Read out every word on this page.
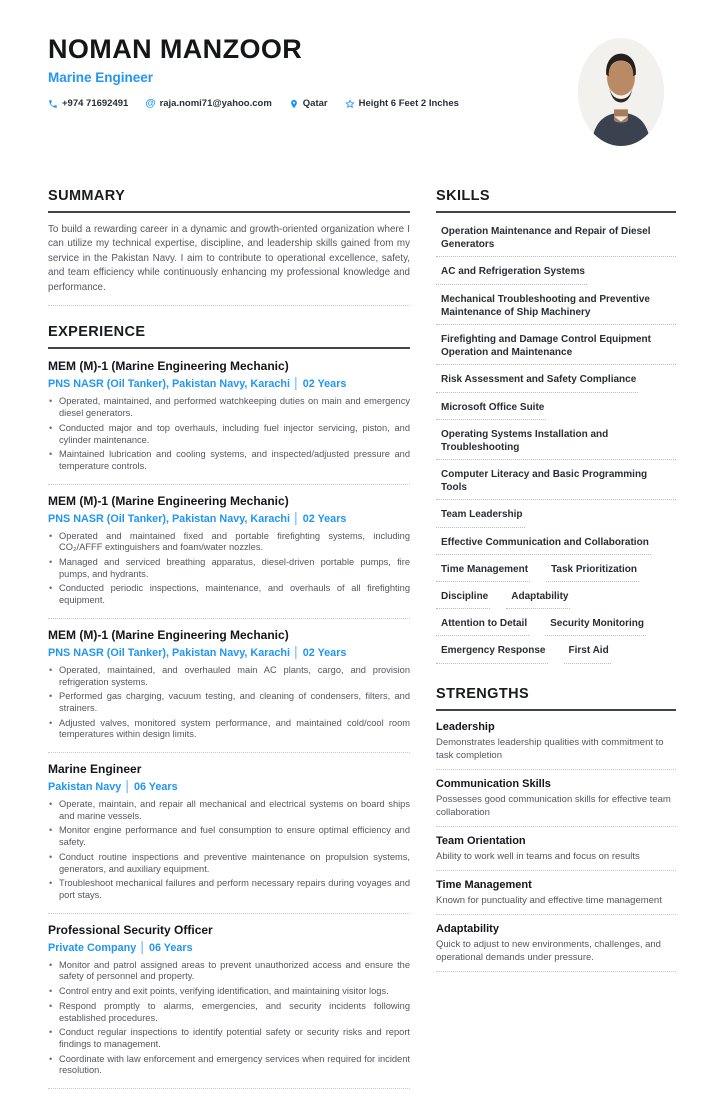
NOMAN MANZOOR
Marine Engineer
+974 71692491 @ raja.nomi71@yahoo.com	Qatar	Height 6 Feet 2 Inches
SUMMARY

To build a rewarding career in a dynamic and growth-oriented organization where I can utilize my technical expertise, discipline, and leadership skills gained from my service in the Pakistan Navy. I aim to contribute to operational excellence, safety, and team efficiency while continuously enhancing my professional knowledge and performance.

EXPERIENCE
MEM (M)-1 (Marine Engineering Mechanic)
PNS NASR (Oil Tanker), Pakistan Navy, Karachi │ 02 Years
• Operated, maintained, and performed watchkeeping duties on main and emergency diesel generators.
• Conducted major and top overhauls, including fuel injector servicing, piston, and cylinder maintenance.
• Maintained lubrication and cooling systems, and inspected/adjusted pressure and temperature controls.
MEM (M)-1 (Marine Engineering Mechanic)
PNS NASR (Oil Tanker), Pakistan Navy, Karachi │ 02 Years
• Operated and maintained fixed and portable firefighting systems, including CO₂/AFFF extinguishers and foam/water nozzles.
• Managed and serviced breathing apparatus, diesel-driven portable pumps, fire pumps, and hydrants.
• Conducted periodic inspections, maintenance, and overhauls of all firefighting equipment.
MEM (M)-1 (Marine Engineering Mechanic)
PNS NASR (Oil Tanker), Pakistan Navy, Karachi │ 02 Years
• Operated, maintained, and overhauled main AC plants, cargo, and provision refrigeration systems.
• Performed gas charging, vacuum testing, and cleaning of condensers, filters, and strainers.
• Adjusted valves, monitored system performance, and maintained cold/cool room temperatures within design limits.
Marine Engineer
Pakistan Navy │ 06 Years
• Operate, maintain, and repair all mechanical and electrical systems on board ships and marine vessels.
• Monitor engine performance and fuel consumption to ensure optimal efficiency and safety.
• Conduct routine inspections and preventive maintenance on propulsion systems, generators, and auxiliary equipment.
• Troubleshoot mechanical failures and perform necessary repairs during voyages and port stays.
Professional Security Officer
Private Company │ 06 Years
• Monitor and patrol assigned areas to prevent unauthorized access and ensure the safety of personnel and property.
• Control entry and exit points, verifying identification, and maintaining visitor logs.
• Respond promptly to alarms, emergencies, and security incidents following established procedures.
• Conduct regular inspections to identify potential safety or security risks and report findings to management.
• Coordinate with law enforcement and emergency services when required for incident resolution.
SKILLS
Operation Maintenance and Repair of Diesel Generators
AC and Refrigeration Systems
Mechanical Troubleshooting and Preventive Maintenance of Ship Machinery
Firefighting and Damage Control Equipment Operation and Maintenance
Risk Assessment and Safety Compliance
Microsoft Office Suite
Operating Systems Installation and Troubleshooting
Computer Literacy and Basic Programming Tools
Team Leadership
Effective Communication and Collaboration
Time Management	Task Prioritization
Discipline	Adaptability
Attention to Detail	Security Monitoring
Emergency Response	First Aid
STRENGTHS
Leadership
Demonstrates leadership qualities with commitment to task completion
Communication Skills
Possesses good communication skills for effective team collaboration
Team Orientation
Ability to work well in teams and focus on results
Time Management
Known for punctuality and effective time management
Adaptability
Quick to adjust to new environments, challenges, and operational demands under pressure.
